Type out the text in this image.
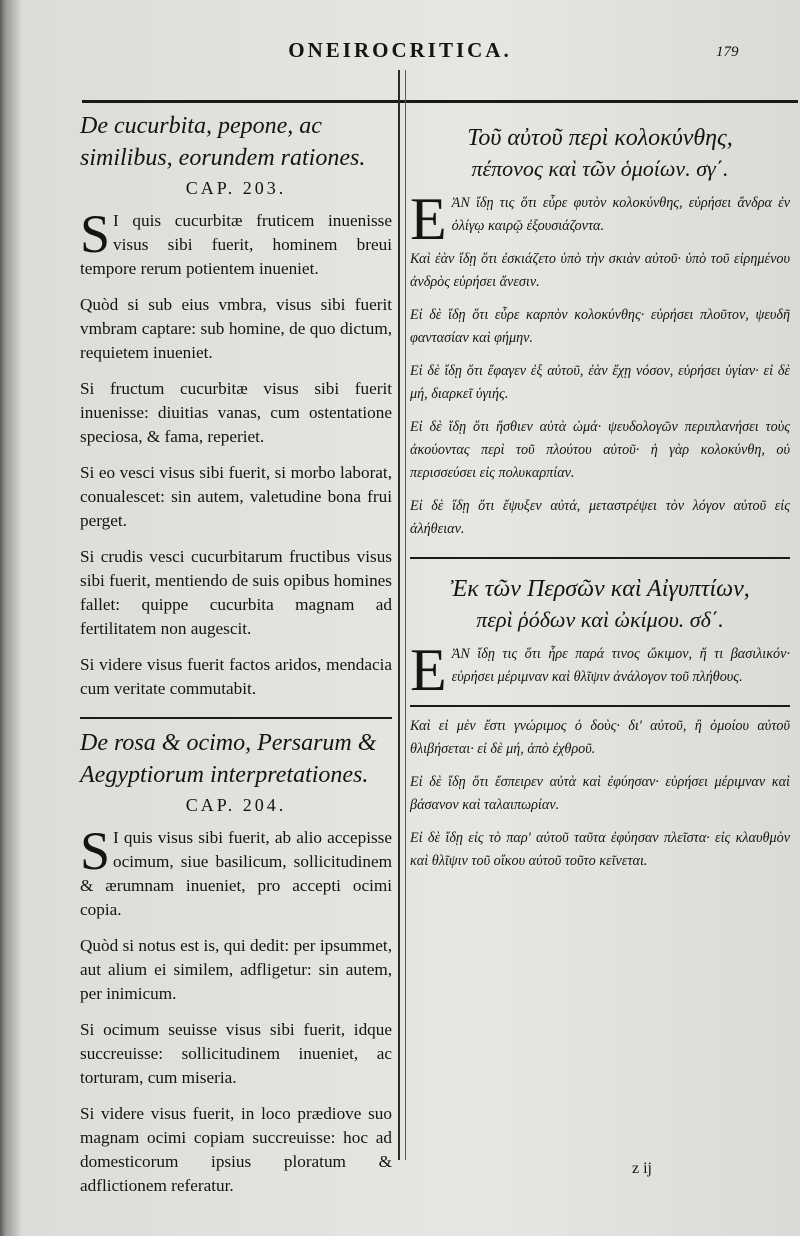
ONEIROCRITICA.	179
De cucurbita, pepone, ac similibus, eorundem rationes.
CAP. 203.

S I quis cucurbitæ fruticem inuenisse visus sibi fuerit, hominem breui tempore rerum potientem inueniet.

Quòd si sub eius vmbra, visus sibi fuerit vmbram captare: sub homine, de quo dictum, requietem inueniet.

Si fructum cucurbitæ visus sibi fuerit inuenisse: diuitias vanas, cum ostentatione speciosa, & fama, reperiet.

Si eo vesci visus sibi fuerit, si morbo laborat, conualescet: sin autem, valetudine bona frui perget.

Si crudis vesci cucurbitarum fructibus visus sibi fuerit, mentiendo de suis opibus homines fallet: quippe cucurbita magnam ad fertilitatem non augescit.

Si videre visus fuerit factos aridos, mendacia cum veritate commutabit.

De rosa & ocimo, Persarum & Aegyptiorum interpretationes.
CAP. 204.

S I quis visus sibi fuerit, ab alio accepisse ocimum, siue basilicum, sollicitudinem & ærumnam inueniet, pro accepti ocimi copia.

Quòd si notus est is, qui dedit: per ipsummet, aut alium ei similem, adfligetur: sin autem, per inimicum.

Si ocimum seuisse visus sibi fuerit, idque succreuisse: sollicitudinem inueniet, ac torturam, cum miseria.

Si videre visus fuerit, in loco prædiove suo magnam ocimi copiam succreuisse: hoc ad domesticorum ipsius ploratum & adflictionem referatur.

Τοῦ αὐτοῦ περὶ κολοκύνθης,
πέπονος καὶ τῶν ὁμοίων. σγ΄.

Ε ἈΝ ἴδῃ τις ὅτι εὗρε φυτὸν κολοκύνθης, εὑρήσει ἄνδρα ἐν ὀλίγῳ καιρῷ ἐξουσιάζοντα.

Καὶ ἐὰν ἴδῃ ὅτι ἐσκιάζετο ὑπὸ τὴν σκιὰν αὐτοῦ· ὑπὸ τοῦ εἰρημένου ἀνδρὸς εὑρήσει ἄνεσιν.

Εἰ δὲ ἴδῃ ὅτι εὗρε καρπὸν κολοκύνθης· εὑρήσει πλοῦτον, ψευδῆ φαντασίαν καὶ φήμην.

Εἰ δὲ ἴδῃ ὅτι ἔφαγεν ἐξ αὐτοῦ, ἐὰν ἔχῃ νόσον, εὑρήσει ὑγίαν· εἰ δὲ μή, διαρκεῖ ὑγιής.

Εἰ δὲ ἴδῃ ὅτι ἤσθιεν αὐτὰ ὠμά· ψευδολογῶν περιπλανήσει τοὺς ἀκούοντας περὶ τοῦ πλούτου αὐτοῦ· ἡ γὰρ κολοκύνθη, οὐ περισσεύσει εἰς πολυκαρπίαν.

Εἰ δὲ ἴδῃ ὅτι ἔψυξεν αὐτά, μεταστρέψει τὸν λόγον αὐτοῦ εἰς ἀλήθειαν.

Ἐκ τῶν Περσῶν καὶ Αἰγυπτίων,
περὶ ῥόδων καὶ ὠκίμου. σδ΄.

Ε ἈΝ ἴδῃ τις ὅτι ἦρε παρά τινος ὤκιμον, ἤ τι βασιλικόν· εὑρήσει μέριμναν καὶ θλῖψιν ἀνάλογον τοῦ πλήθους.

Καὶ εἰ μὲν ἔστι γνώριμος ὁ δοὺς· δι' αὐτοῦ, ἢ ὁμοίου αὐτοῦ θλιβήσεται· εἰ δὲ μή, ἀπὸ ἐχθροῦ.

Εἰ δὲ ἴδῃ ὅτι ἔσπειρεν αὐτὰ καὶ ἐφύησαν· εὑρήσει μέριμναν καὶ βάσανον καὶ ταλαιπωρίαν.

Εἰ δὲ ἴδῃ εἰς τὸ παρ' αὐτοῦ ταῦτα ἐφύησαν πλεῖστα· εἰς κλαυθμὸν καὶ θλῖψιν τοῦ οἴκου αὐτοῦ τοῦτο κεῖνεται.

z ij
